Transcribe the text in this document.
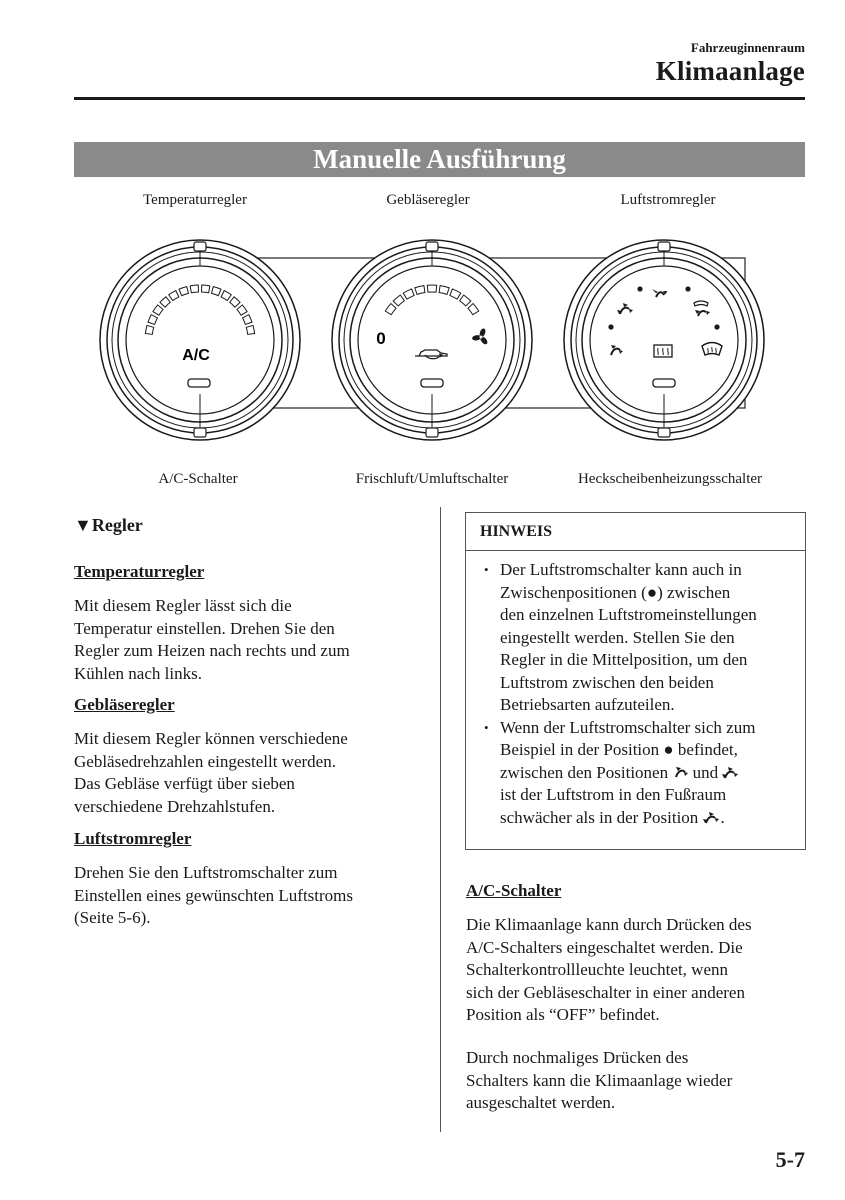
Fahrzeuginnenraum
Klimaanlage
Manuelle Ausführung
Temperaturregler	Gebläseregler	Luftstromregler
A/C-Schalter	Frischluft/Umluftschalter	Heckscheibenheizungsschalter
A/C
0
▼Regler
Temperaturregler
Mit diesem Regler lässt sich die
Temperatur einstellen. Drehen Sie den
Regler zum Heizen nach rechts und zum
Kühlen nach links.
Gebläseregler
Mit diesem Regler können verschiedene
Gebläsedrehzahlen eingestellt werden.
Das Gebläse verfügt über sieben
verschiedene Drehzahlstufen.
Luftstromregler
Drehen Sie den Luftstromschalter zum
Einstellen eines gewünschten Luftstroms
(Seite 5-6).
HINWEIS
• Der Luftstromschalter kann auch in
Zwischenpositionen (●) zwischen
den einzelnen Luftstromeinstellungen
eingestellt werden. Stellen Sie den
Regler in die Mittelposition, um den
Luftstrom zwischen den beiden
Betriebsarten aufzuteilen.
• Wenn der Luftstromschalter sich zum
Beispiel in der Position ● befindet,
zwischen den Positionen und
ist der Luftstrom in den Fußraum
schwächer als in der Position .
A/C-Schalter
Die Klimaanlage kann durch Drücken des
A/C-Schalters eingeschaltet werden. Die
Schalterkontrollleuchte leuchtet, wenn
sich der Gebläseschalter in einer anderen
Position als “OFF” befindet.
Durch nochmaliges Drücken des
Schalters kann die Klimaanlage wieder
ausgeschaltet werden.
5-7
